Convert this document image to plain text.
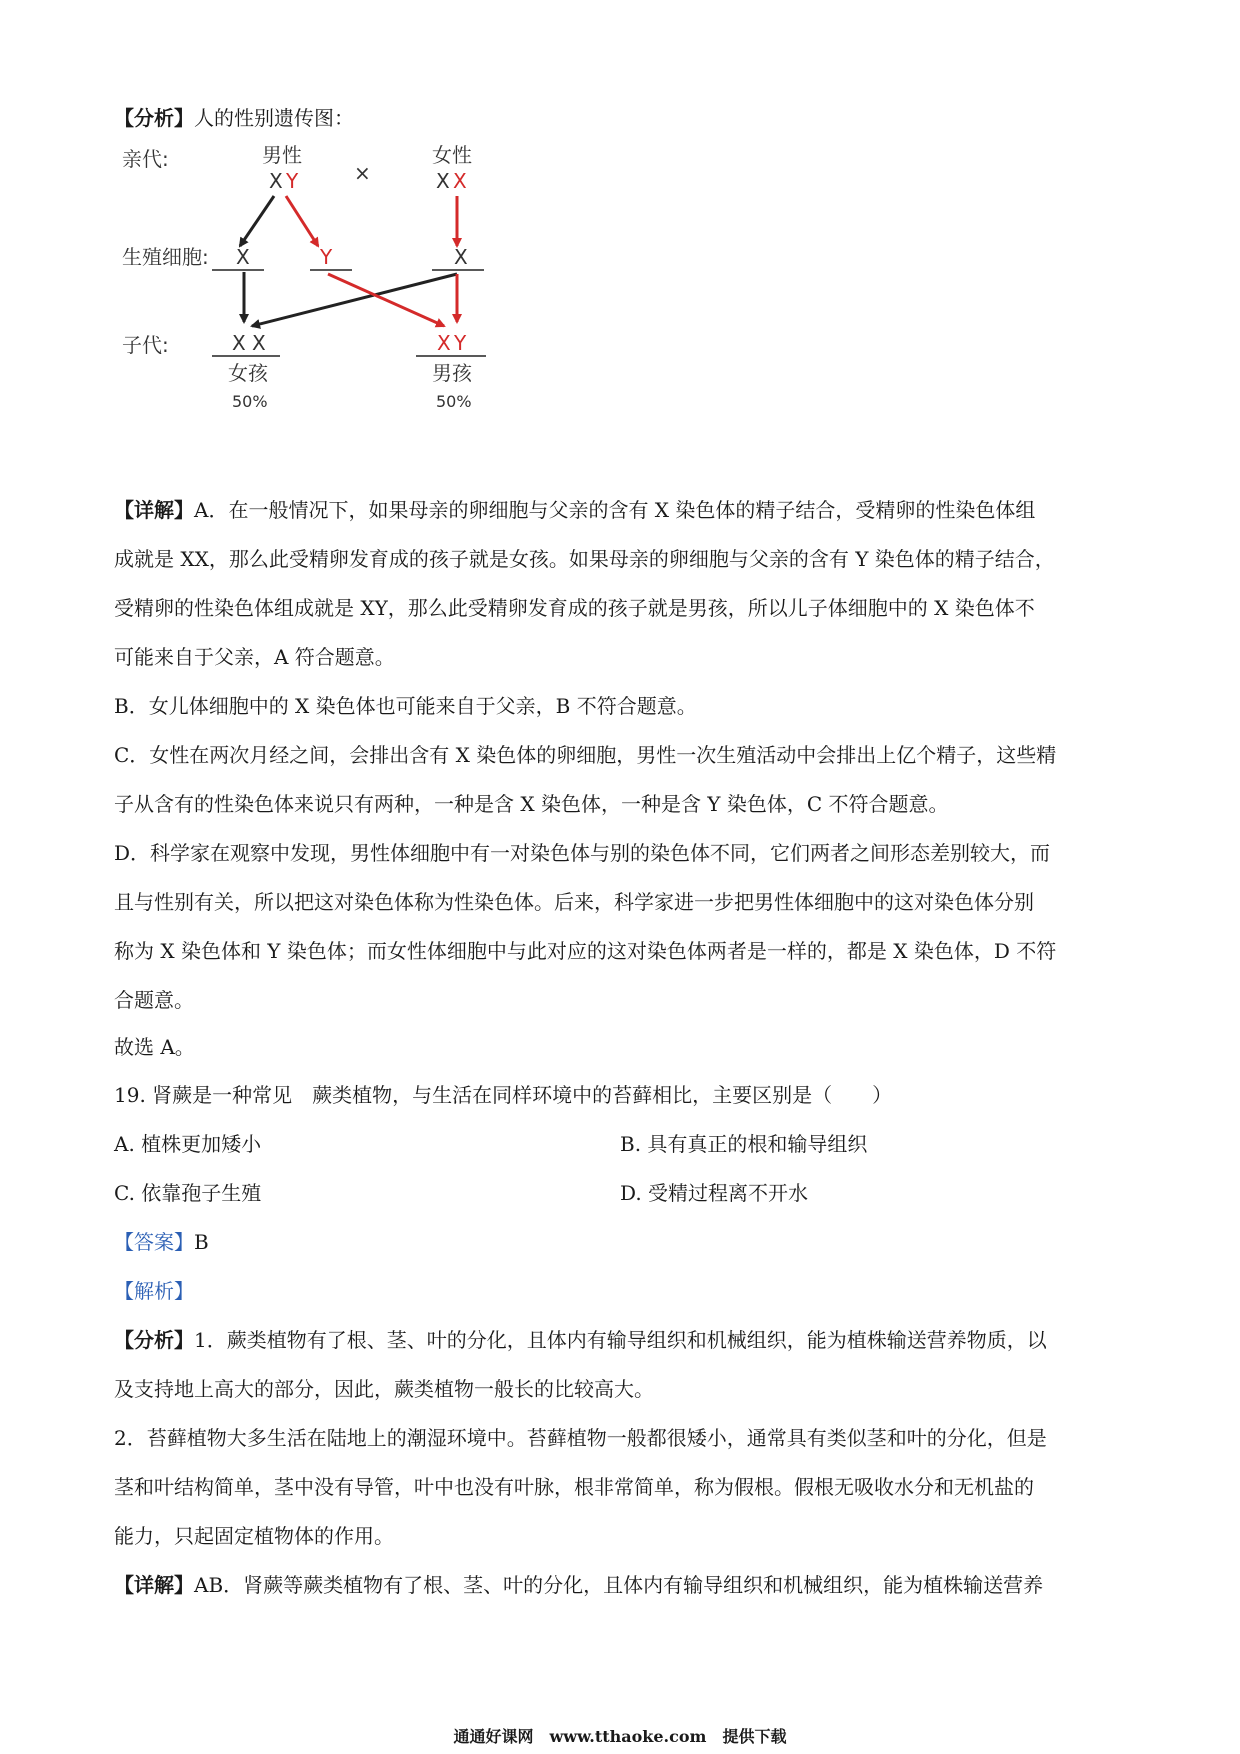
【分析】人的性别遗传图：
亲代:
生殖细胞:
子代:
男性
X Y	×
女性
X X
X	Y	X
X X
女孩
50%
X Y
男孩
50%
【详解】A．在一般情况下，如果母亲的卵细胞与父亲的含有 X 染色体的精子结合，受精卵的性染色体组
成就是 XX，那么此受精卵发育成的孩子就是女孩。如果母亲的卵细胞与父亲的含有 Y 染色体的精子结合，
受精卵的性染色体组成就是 XY，那么此受精卵发育成的孩子就是男孩，所以儿子体细胞中的 X 染色体不
可能来自于父亲，A 符合题意。
B．女儿体细胞中的 X 染色体也可能来自于父亲，B 不符合题意。
C．女性在两次月经之间，会排出含有 X 染色体的卵细胞，男性一次生殖活动中会排出上亿个精子，这些精
子从含有的性染色体来说只有两种，一种是含 X 染色体，一种是含 Y 染色体，C 不符合题意。
D．科学家在观察中发现，男性体细胞中有一对染色体与别的染色体不同，它们两者之间形态差别较大，而
且与性别有关，所以把这对染色体称为性染色体。后来，科学家进一步把男性体细胞中的这对染色体分别
称为 X 染色体和 Y 染色体；而女性体细胞中与此对应的这对染色体两者是一样的，都是 X 染色体，D 不符
合题意。
故选 A。
19. 肾蕨是一种常见　蕨类植物，与生活在同样环境中的苔藓相比，主要区别是（　　）
A. 植株更加矮小	B. 具有真正的根和输导组织
C. 依靠孢子生殖	D. 受精过程离不开水
【答案】B
【解析】
【分析】1．蕨类植物有了根、茎、叶的分化，且体内有输导组织和机械组织，能为植株输送营养物质，以
及支持地上高大的部分，因此，蕨类植物一般长的比较高大。
2．苔藓植物大多生活在陆地上的潮湿环境中。苔藓植物一般都很矮小，通常具有类似茎和叶的分化，但是
茎和叶结构简单，茎中没有导管，叶中也没有叶脉，根非常简单，称为假根。假根无吸收水分和无机盐的
能力，只起固定植物体的作用。
【详解】AB．肾蕨等蕨类植物有了根、茎、叶的分化，且体内有输导组织和机械组织，能为植株输送营养
通通好课网　www.tthaoke.com　提供下载
